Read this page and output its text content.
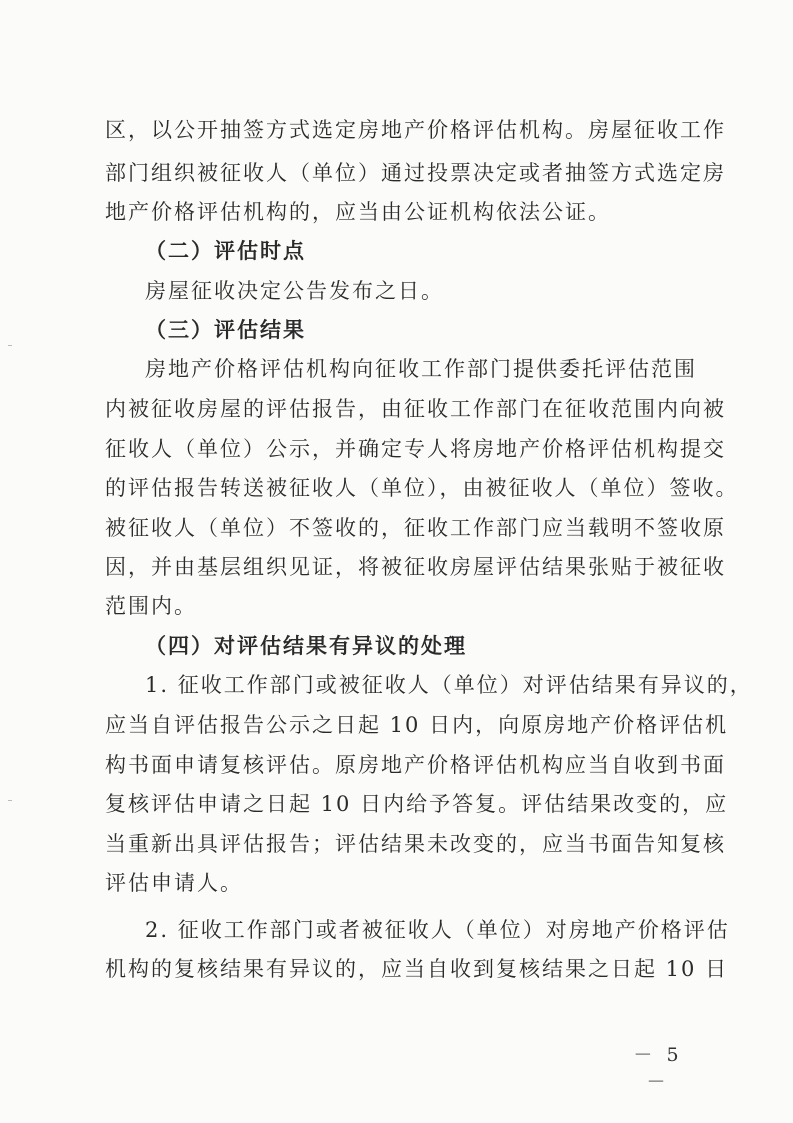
区，以公开抽签方式选定房地产价格评估机构。房屋征收工作
部门组织被征收人（单位）通过投票决定或者抽签方式选定房
地产价格评估机构的，应当由公证机构依法公证。
（二）评估时点
房屋征收决定公告发布之日。
（三）评估结果
房地产价格评估机构向征收工作部门提供委托评估范围
内被征收房屋的评估报告，由征收工作部门在征收范围内向被
征收人（单位）公示，并确定专人将房地产价格评估机构提交
的评估报告转送被征收人（单位），由被征收人（单位）签收。
被征收人（单位）不签收的，征收工作部门应当载明不签收原
因，并由基层组织见证，将被征收房屋评估结果张贴于被征收
范围内。
（四）对评估结果有异议的处理
1. 征收工作部门或被征收人（单位）对评估结果有异议的，
应当自评估报告公示之日起 10 日内，向原房地产价格评估机
构书面申请复核评估。原房地产价格评估机构应当自收到书面
复核评估申请之日起 10 日内给予答复。评估结果改变的，应
当重新出具评估报告；评估结果未改变的，应当书面告知复核
评估申请人。
2. 征收工作部门或者被征收人（单位）对房地产价格评估
机构的复核结果有异议的，应当自收到复核结果之日起 10 日
－ 5 －
